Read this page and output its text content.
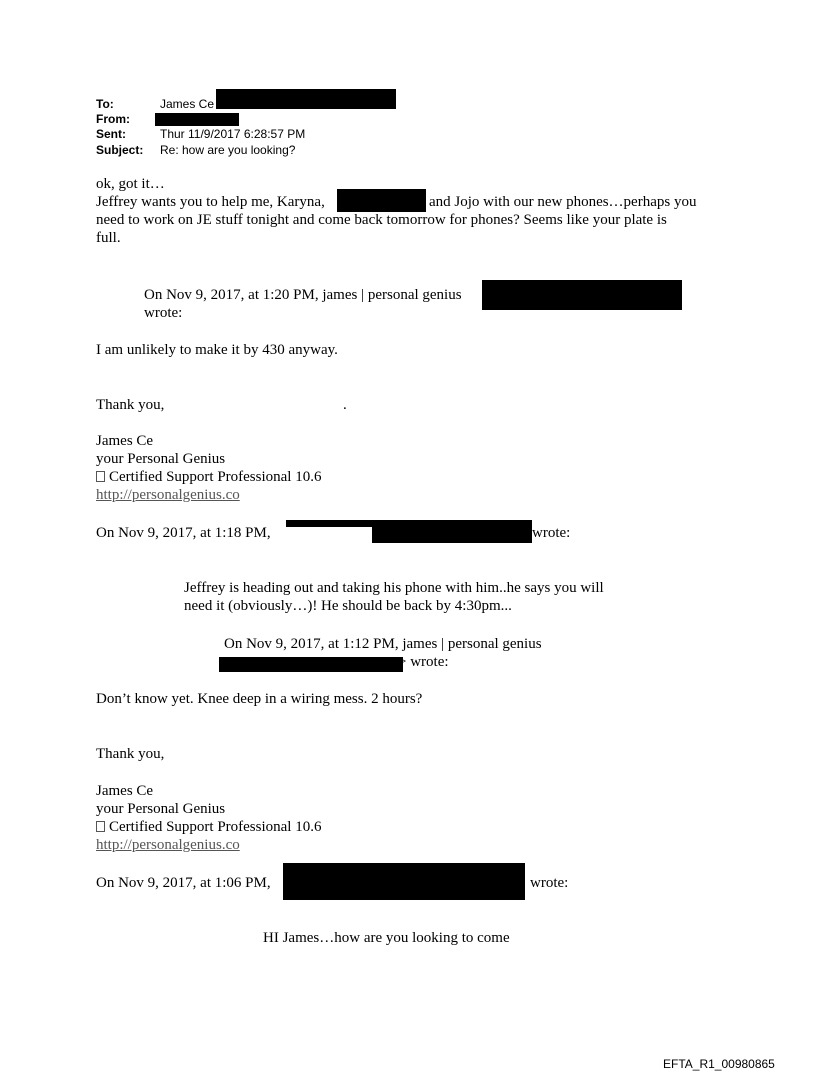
To:	James Ce
From:
Sent:	Thur 11/9/2017 6:28:57 PM
Subject: Re: how are you looking?
ok, got it…
Jeffrey wants you to help me, Karyna,	and Jojo with our new phones…perhaps you
need to work on JE stuff tonight and come back tomorrow for phones? Seems like your plate is
full.
On Nov 9, 2017, at 1:20 PM, james | personal genius
wrote:
I am unlikely to make it by 430 anyway.
Thank you,	.
James Ce
your Personal Genius
Certified Support Professional 10.6
http://personalgenius.co
On Nov 9, 2017, at 1:18 PM,	wrote:
Jeffrey is heading out and taking his phone with him..he says you will
need it (obviously…)! He should be back by 4:30pm...
On Nov 9, 2017, at 1:12 PM, james | personal genius
> wrote:
Don’t know yet. Knee deep in a wiring mess. 2 hours?
Thank you,
James Ce
your Personal Genius
Certified Support Professional 10.6
http://personalgenius.co
On Nov 9, 2017, at 1:06 PM,	wrote:
HI James…how are you looking to come
EFTA_R1_00980865
